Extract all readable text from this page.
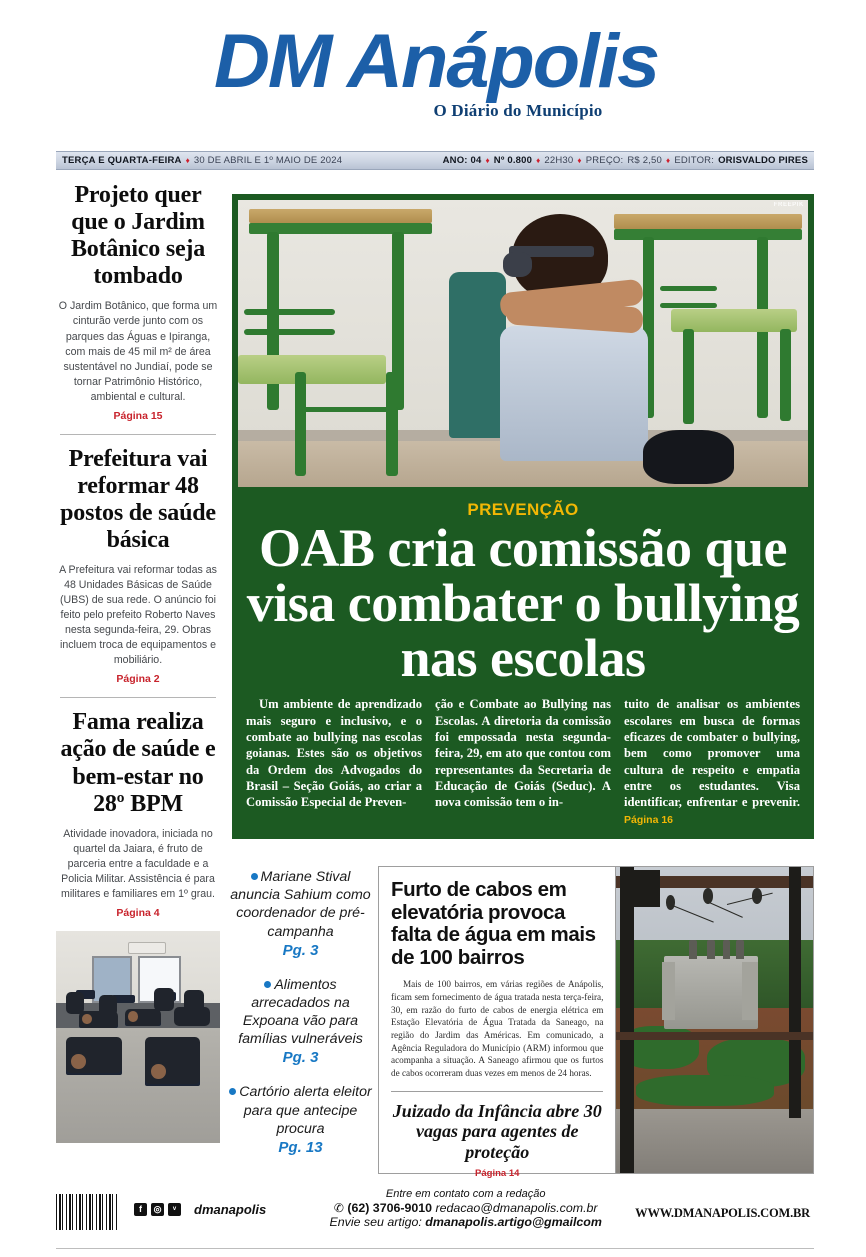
DM Anápolis
O Diário do Município
TERÇA E QUARTA-FEIRA ♦ 30 DE ABRIL E 1º MAIO DE 2024	ANO: 04 ♦ Nº 0.800 ♦ 22H30 ♦ PREÇO: R$ 2,50 ♦ EDITOR: ORISVALDO PIRES
Projeto quer que o Jardim Botânico seja tombado

O Jardim Botânico, que forma um cinturão verde junto com os parques das Águas e Ipiranga, com mais de 45 mil m² de área sustentável no Jundiaí, pode se tornar Patrimônio Histórico, ambiental e cultural.

Página 15

Prefeitura vai reformar 48 postos de saúde básica

A Prefeitura vai reformar todas as 48 Unidades Básicas de Saúde (UBS) de sua rede. O anúncio foi feito pelo prefeito Roberto Naves nesta segunda-feira, 29. Obras incluem troca de equipamentos e mobiliário.

Página 2

Fama realiza ação de saúde e bem-estar no 28º BPM

Atividade inovadora, iniciada no quartel da Jaiara, é fruto de parceria entre a faculdade e a Policia Militar. Assistência é para militares e familiares em 1º grau.

Página 4

FREEPIK
PREVENÇÃO
OAB cria comissão que visa combater o bullying nas escolas
Um ambiente de aprendizado mais seguro e inclusivo, e o combate ao bullying nas escolas goianas. Estes são os objetivos da Ordem dos Advogados do Brasil – Seção Goiás, ao criar a Comissão Especial de Preven-
ção e Combate ao Bullying nas Escolas. A diretoria da comissão foi empossada nesta segunda-feira, 29, em ato que contou com representantes da Secretaria de Educação de Goiás (Seduc). A nova comissão tem o in-
tuito de analisar os ambientes escolares em busca de formas eficazes de combater o bullying, bem como promover uma cultura de respeito e empatia entre os estudantes. Visa identificar, enfrentar e prevenir. Página 16

Mariane Stival anuncia Sahium como coordenador de pré-campanha

Pg. 3

Alimentos arrecadados na Expoana vão para famílias vulneráveis

Pg. 3

Cartório alerta eleitor para que antecipe procura

Pg. 13

Furto de cabos em elevatória provoca falta de água em mais de 100 bairros

Mais de 100 bairros, em várias regiões de Anápolis, ficam sem fornecimento de água tratada nesta terça-feira, 30, em razão do furto de cabos de energia elétrica em Estação Elevatória de Água Tratada da Saneago, na região do Jardim das Américas. Em comunicado, a Agência Reguladora do Município (ARM) informou que acompanha a situação. A Saneago afirmou que os furtos de cabos ocorreram duas vezes em menos de 24 horas.

Juizado da Infância abre 30 vagas para agentes de proteção

Página 14

f	◎	ᵛ	dmanapolis

Entre em contato com a redação

✆ (62) 3706-9010 redacao@dmanapolis.com.br

Envie seu artigo: dmanapolis.artigo@gmailcom

WWW.DMANAPOLIS.COM.BR
